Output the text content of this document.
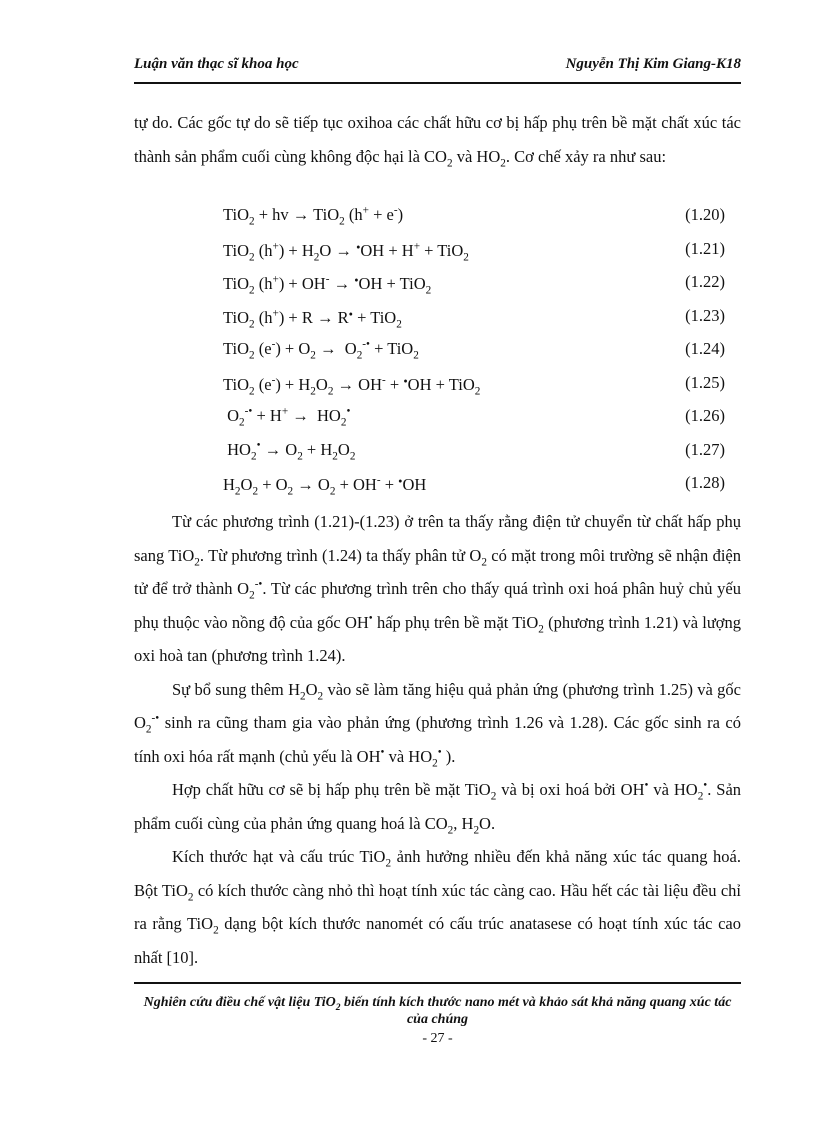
Luận văn thạc sĩ khoa học	Nguyễn Thị Kim Giang-K18

tự do. Các gốc tự do sẽ tiếp tục oxihoa các chất hữu cơ bị hấp phụ trên bề mặt chất xúc tác thành sản phẩm cuối cùng không độc hại là $CO_2$ và $HO_2$. Cơ chế xảy ra như sau:

TiO$_2$ + hv → TiO$_2$ (h+ + e-)	(1.20)
TiO$_2$ $(h^+) + H_2O \to ^•OH + H^+ + TiO_2$	(1.21)
TiO$_2$ (h+) + OH- → •OH + TiO$_2$	(1.22)
TiO$_2$ (h+) + R → R• + TiO$_2$	(1.23)
TiO$_2$ $(e^-) + O_2 \to O_2^{-•} + TiO_2$	(1.24)
TiO$_2$ $(e^-) + H_2O_2 \to OH^- + ^•OH + TiO_2$	(1.25)
$O_2^{-•} + H^+ \to HO_2^•$	(1.26)
$HO_2^• \to O_2 + H_2O_2$	(1.27)
$H_2O_2 + O_2 \to O_2 + OH^- + ^•OH$	(1.28)

Từ các phương trình (1.21)-(1.23) ở trên ta thấy rằng điện tử chuyển từ chất hấp phụ sang TiO$_2$. Từ phương trình (1.24) ta thấy phân tử $O_2$ có mặt trong môi trường sẽ nhận điện tử để trở thành $O_2^{-•}$. Từ các phương trình trên cho thấy quá trình oxi hoá phân huỷ chủ yếu phụ thuộc vào nồng độ của gốc OH• hấp phụ trên bề mặt TiO$_2$ (phương trình 1.21) và lượng oxi hoà tan (phương trình 1.24).

Sự bổ sung thêm $H_2O_2$ vào sẽ làm tăng hiệu quả phản ứng (phương trình 1.25) và gốc $O_2^{-•}$ sinh ra cũng tham gia vào phản ứng (phương trình 1.26 và 1.28). Các gốc sinh ra có tính oxi hóa rất mạnh (chủ yếu là OH• và $HO_2^•$ ).

Hợp chất hữu cơ sẽ bị hấp phụ trên bề mặt TiO$_2$ và bị oxi hoá bởi OH• và $HO_2^•$. Sản phẩm cuối cùng của phản ứng quang hoá là $CO_2$, $H_2O$.

Kích thước hạt và cấu trúc TiO$_2$ ảnh hưởng nhiều đến khả năng xúc tác quang hoá. Bột TiO$_2$ có kích thước càng nhỏ thì hoạt tính xúc tác càng cao. Hầu hết các tài liệu đều chỉ ra rằng TiO$_2$ dạng bột kích thước nanomét có cấu trúc anatasese có hoạt tính xúc tác cao nhất [10].

Nghiên cứu điều chế vật liệu TiO$_2$ biến tính kích thước nano mét và khảo sát khả năng quang xúc tác của chúng
- 27 -
